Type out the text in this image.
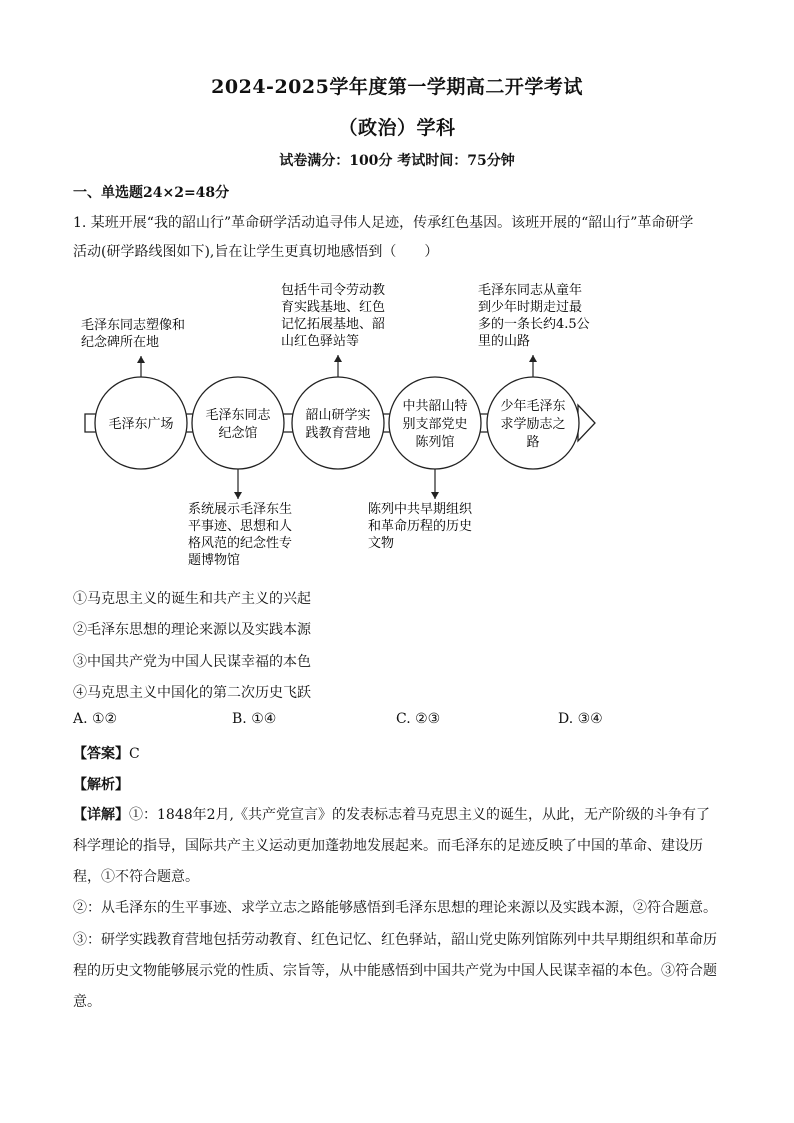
2024-2025学年度第一学期高二开学考试
（政治）学科
试卷满分：100分 考试时间：75分钟
一、单选题24×2=48分
1. 某班开展“我的韶山行”革命研学活动追寻伟人足迹，传承红色基因。该班开展的“韶山行”革命研学
活动(研学路线图如下),旨在让学生更真切地感悟到（　　）
毛泽东广场
毛泽东同志
纪念馆
韶山研学实
践教育营地
中共韶山特
别支部党史
陈列馆
少年毛泽东
求学励志之
路
毛泽东同志塑像和
纪念碑所在地
包括牛司令劳动教
育实践基地、红色
记忆拓展基地、韶
山红色驿站等
毛泽东同志从童年
到少年时期走过最
多的一条长约4.5公
里的山路
系统展示毛泽东生
平事迹、思想和人
格风范的纪念性专
题博物馆
陈列中共早期组织
和革命历程的历史
文物
①马克思主义的诞生和共产主义的兴起
②毛泽东思想的理论来源以及实践本源
③中国共产党为中国人民谋幸福的本色
④马克思主义中国化的第二次历史飞跃
A. ①②	B. ①④	C. ②③	D. ③④
【答案】C
【解析】
【详解】①：1848年2月,《共产党宣言》的发表标志着马克思主义的诞生，从此，无产阶级的斗争有了科学理论的指导，国际共产主义运动更加蓬勃地发展起来。而毛泽东的足迹反映了中国的革命、建设历程，①不符合题意。
②：从毛泽东的生平事迹、求学立志之路能够感悟到毛泽东思想的理论来源以及实践本源，②符合题意。
③：研学实践教育营地包括劳动教育、红色记忆、红色驿站，韶山党史陈列馆陈列中共早期组织和革命历程的历史文物能够展示党的性质、宗旨等，从中能感悟到中国共产党为中国人民谋幸福的本色。③符合题意。
